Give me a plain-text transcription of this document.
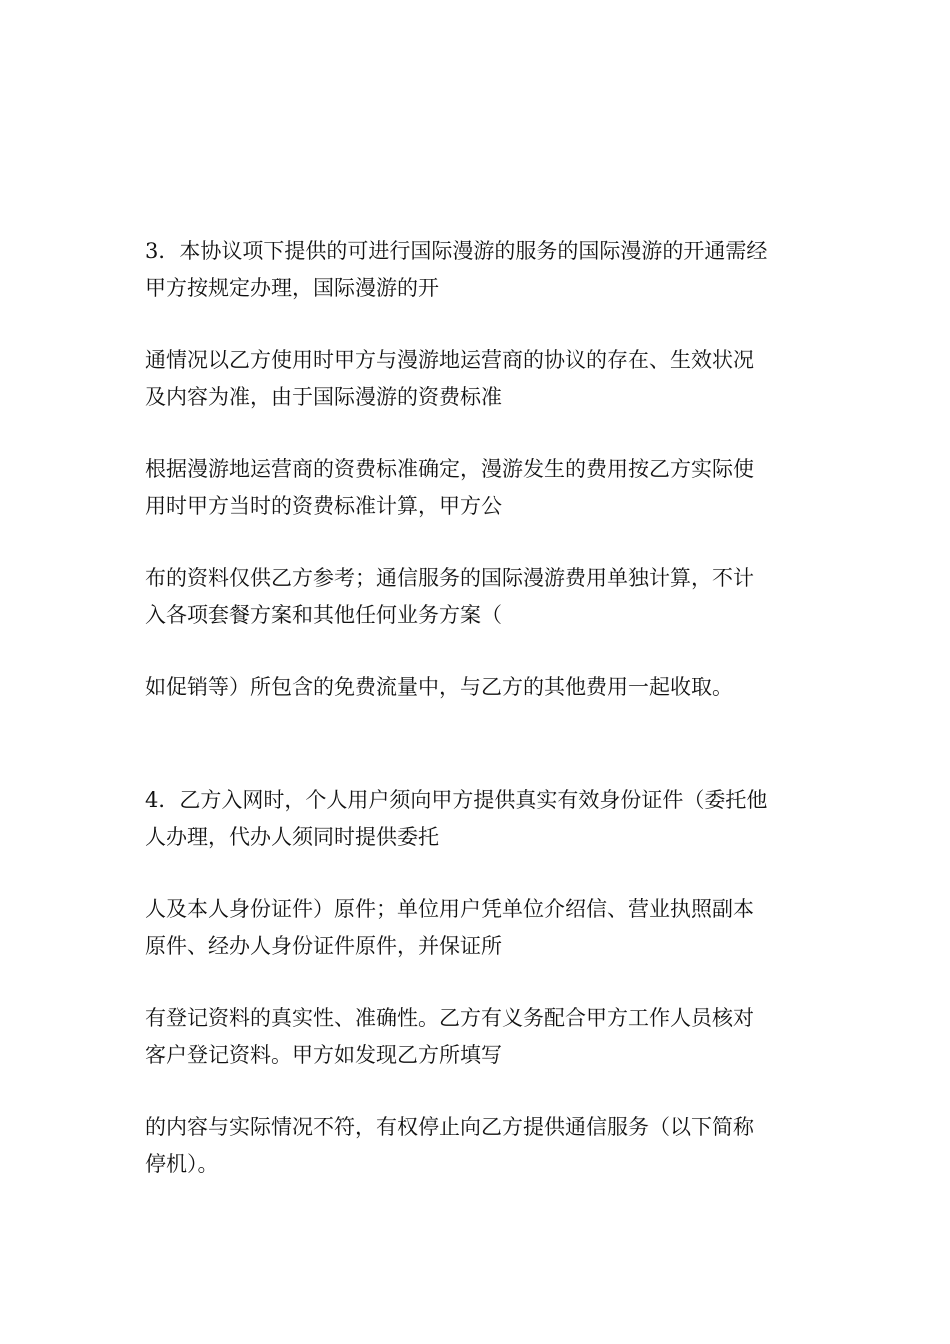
3．本协议项下提供的可进行国际漫游的服务的国际漫游的开通需经
甲方按规定办理，国际漫游的开
通情况以乙方使用时甲方与漫游地运营商的协议的存在、生效状况
及内容为准，由于国际漫游的资费标准
根据漫游地运营商的资费标准确定，漫游发生的费用按乙方实际使
用时甲方当时的资费标准计算，甲方公
布的资料仅供乙方参考；通信服务的国际漫游费用单独计算，不计
入各项套餐方案和其他任何业务方案（
如促销等）所包含的免费流量中，与乙方的其他费用一起收取。
4．乙方入网时，个人用户须向甲方提供真实有效身份证件（委托他
人办理，代办人须同时提供委托
人及本人身份证件）原件；单位用户凭单位介绍信、营业执照副本
原件、经办人身份证件原件，并保证所
有登记资料的真实性、准确性。乙方有义务配合甲方工作人员核对
客户登记资料。甲方如发现乙方所填写
的内容与实际情况不符，有权停止向乙方提供通信服务（以下简称
停机）。
